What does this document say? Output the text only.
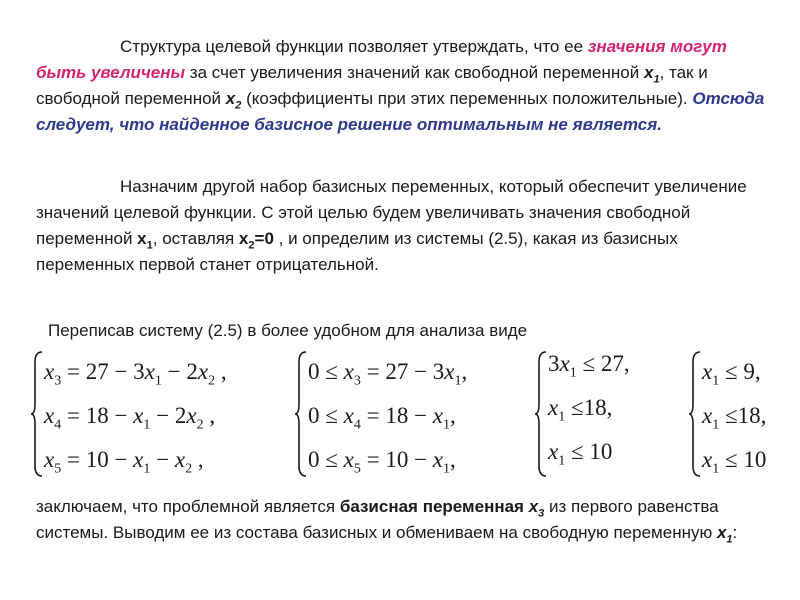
Структура целевой функции позволяет утверждать, что ее значения могут быть увеличены за счет увеличения значений как свободной переменной $x_1$, так и свободной переменной $x_2$ (коэффициенты при этих переменных положительные). Отсюда следует, что найденное базисное решение оптимальным не является.

Назначим другой набор базисных переменных, который обеспечит увеличение значений целевой функции. С этой целью будем увеличивать значения свободной переменной $x_1$, оставляя $x_2=0$ , и определим из системы (2.5), какая из базисных переменных первой станет отрицательной.

Переписав систему (2.5) в более удобном для анализа виде

$x_3 = 27 - 3x_1 - 2x_2$ ,
$x_4 = 18 - x_1 - 2x_2$ ,
$x_5 = 10 - x_1 - x_2$ ,
$0 \le x_3 = 27 - 3x_1$,
$0 \le x_4 = 18 - x_1$,
$0 \le x_5 = 10 - x_1$,
$3x_1 \le 27$,
$x_1 \le 18$,
$x_1 \le 10$
$x_1 \le 9$,
$x_1 \le 18$,
$x_1 \le 10$

заключаем, что проблемной является базисная переменная $x_3$ из первого равенства системы. Выводим ее из состава базисных и обмениваем на свободную переменную $x_1$:
